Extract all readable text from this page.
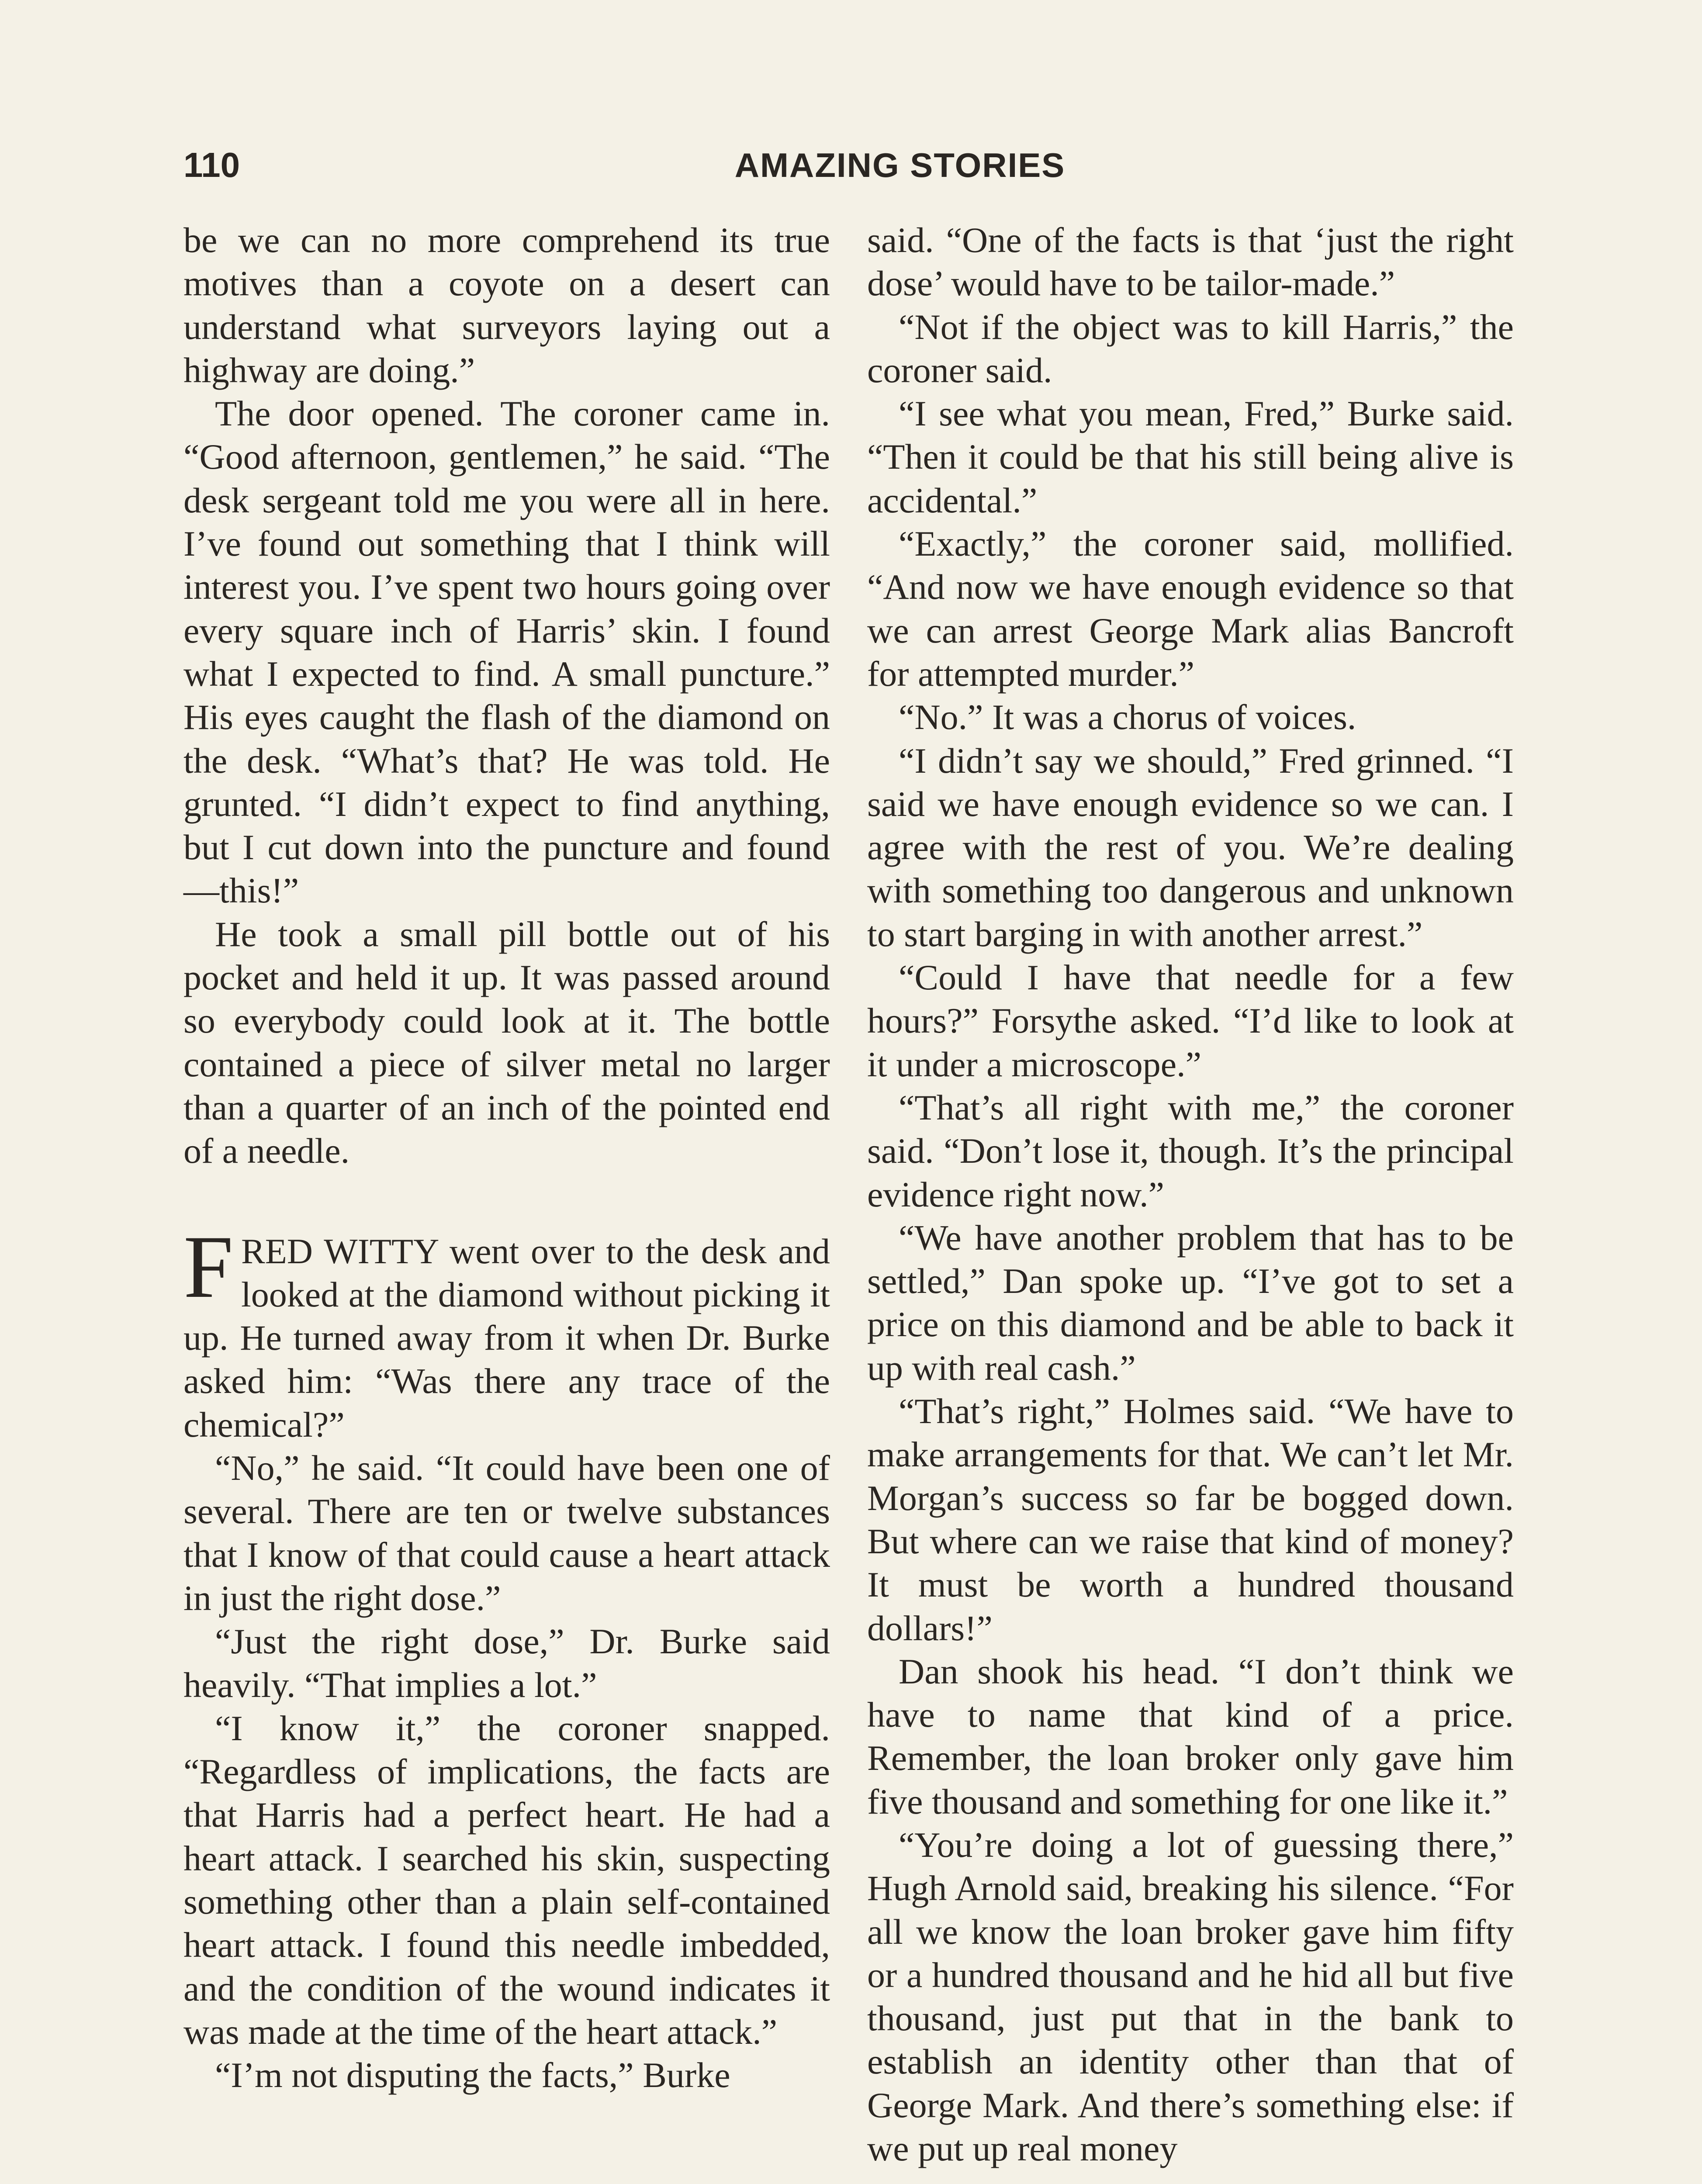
110	AMAZING STORIES

be we can no more comprehend its true motives than a coyote on a desert can understand what surveyors laying out a highway are doing.”

The door opened. The coroner came in. “Good afternoon, gentlemen,” he said. “The desk sergeant told me you were all in here. I’ve found out something that I think will interest you. I’ve spent two hours going over every square inch of Harris’ skin. I found what I expected to find. A small puncture.” His eyes caught the flash of the diamond on the desk. “What’s that? He was told. He grunted. “I didn’t expect to find anything, but I cut down into the puncture and found—this!”

He took a small pill bottle out of his pocket and held it up. It was passed around so everybody could look at it. The bottle contained a piece of silver metal no larger than a quarter of an inch of the pointed end of a needle.

FRED WITTY went over to the desk and looked at the diamond without picking it up. He turned away from it when Dr. Burke asked him: “Was there any trace of the chemical?”

“No,” he said. “It could have been one of several. There are ten or twelve substances that I know of that could cause a heart attack in just the right dose.”

“Just the right dose,” Dr. Burke said heavily. “That implies a lot.”

“I know it,” the coroner snapped. “Regardless of implications, the facts are that Harris had a perfect heart. He had a heart attack. I searched his skin, suspecting something other than a plain self-contained heart attack. I found this needle imbedded, and the condition of the wound indicates it was made at the time of the heart attack.”

“I’m not disputing the facts,” Burke

said. “One of the facts is that ‘just the right dose’ would have to be tailor-made.”

“Not if the object was to kill Harris,” the coroner said.

“I see what you mean, Fred,” Burke said. “Then it could be that his still being alive is accidental.”

“Exactly,” the coroner said, mollified. “And now we have enough evidence so that we can arrest George Mark alias Bancroft for attempted murder.”

“No.” It was a chorus of voices.

“I didn’t say we should,” Fred grinned. “I said we have enough evidence so we can. I agree with the rest of you. We’re dealing with something too dangerous and unknown to start barging in with another arrest.”

“Could I have that needle for a few hours?” Forsythe asked. “I’d like to look at it under a microscope.”

“That’s all right with me,” the coroner said. “Don’t lose it, though. It’s the principal evidence right now.”

“We have another problem that has to be settled,” Dan spoke up. “I’ve got to set a price on this diamond and be able to back it up with real cash.”

“That’s right,” Holmes said. “We have to make arrangements for that. We can’t let Mr. Morgan’s success so far be bogged down. But where can we raise that kind of money? It must be worth a hundred thousand dollars!”

Dan shook his head. “I don’t think we have to name that kind of a price. Remember, the loan broker only gave him five thousand and something for one like it.”

“You’re doing a lot of guessing there,” Hugh Arnold said, breaking his silence. “For all we know the loan broker gave him fifty or a hundred thousand and he hid all but five thousand, just put that in the bank to establish an identity other than that of George Mark. And there’s something else: if we put up real money
